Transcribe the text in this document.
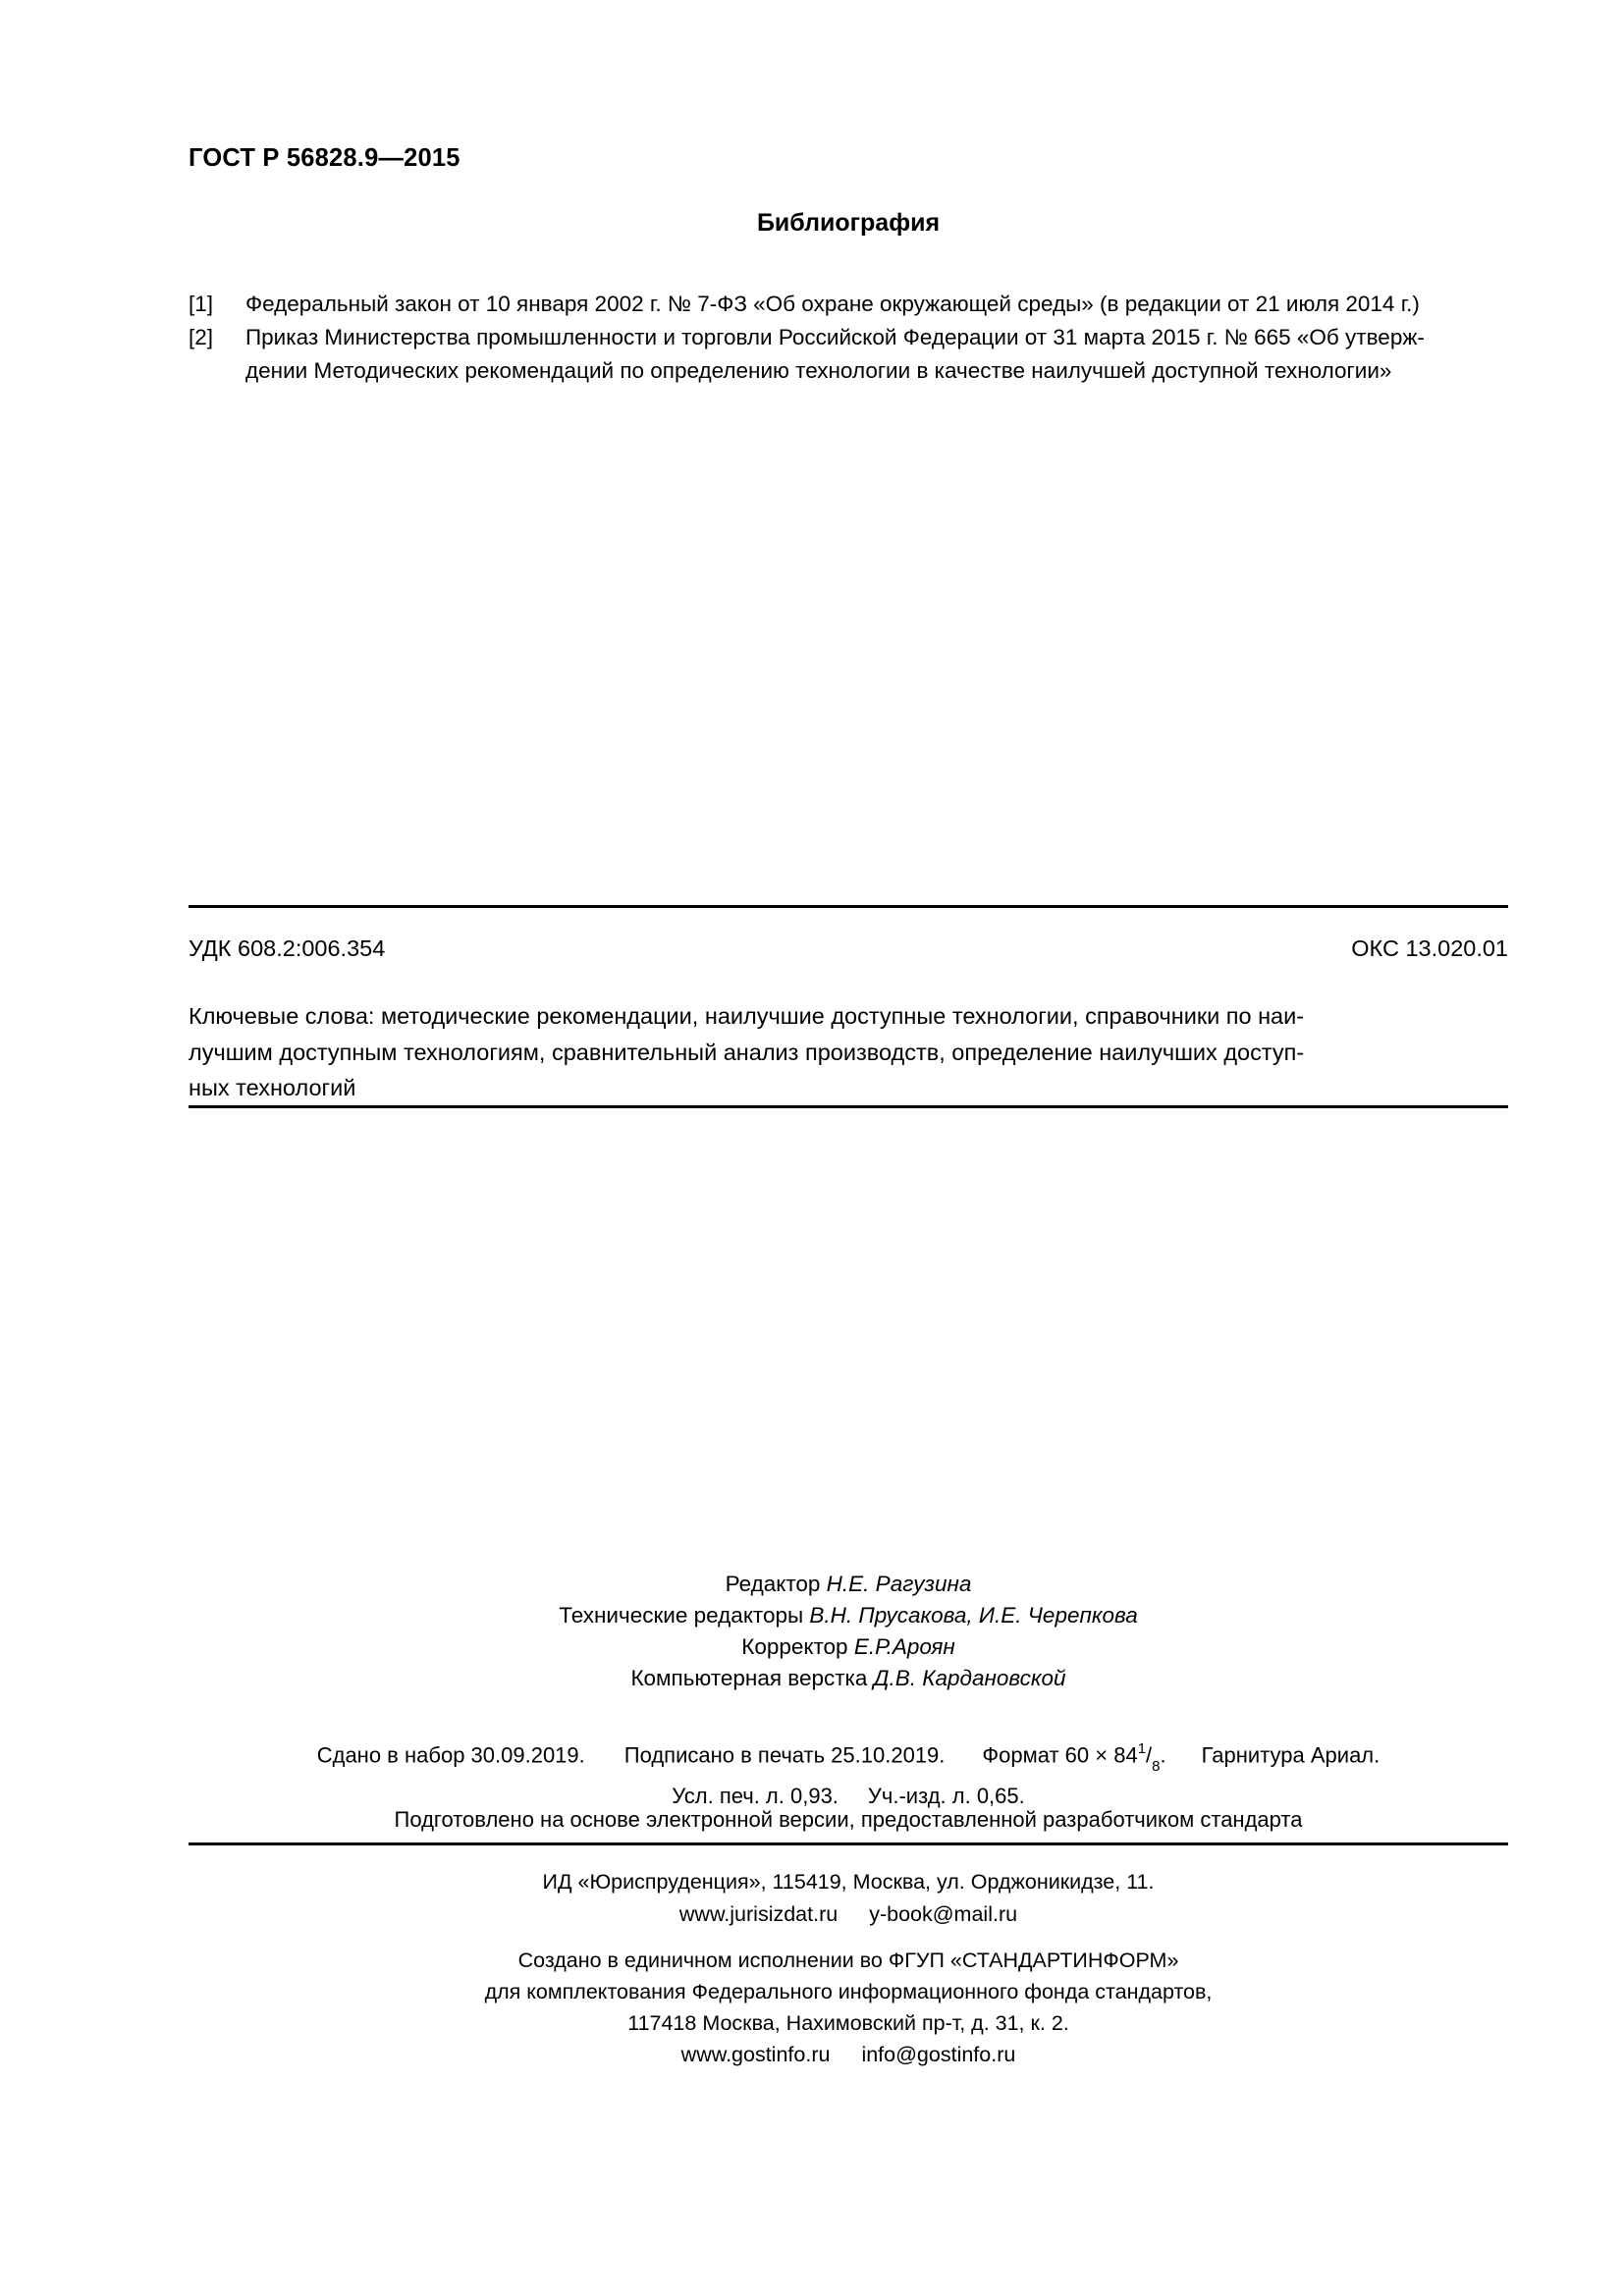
ГОСТ Р 56828.9—2015
Библиография
[1]	Федеральный закон от 10 января 2002 г. № 7-ФЗ «Об охране окружающей среды» (в редакции от 21 июля 2014 г.)
[2]	Приказ Министерства промышленности и торговли Российской Федерации от 31 марта 2015 г. № 665 «Об утверж-
дении Методических рекомендаций по определению технологии в качестве наилучшей доступной технологии»
УДК 608.2:006.354	ОКС 13.020.01
Ключевые слова: методические рекомендации, наилучшие доступные технологии, справочники по наи-
лучшим доступным технологиям, сравнительный анализ производств, определение наилучших доступ-
ных технологий
Редактор Н.Е. Рагузина
Технические редакторы В.Н. Прусакова, И.Е. Черепкова
Корректор Е.Р.Ароян
Компьютерная верстка Д.В. Кардановской
Сдано в набор 30.09.2019. Подписано в печать 25.10.2019. Формат $60 \times 84^1/_8$. Гарнитура Ариал.
Усл. печ. л. 0,93. Уч.-изд. л. 0,65.
Подготовлено на основе электронной версии, предоставленной разработчиком стандарта
ИД «Юриспруденция», 115419, Москва, ул. Орджоникидзе, 11.
www.jurisizdat.ru y-book@mail.ru
Создано в единичном исполнении во ФГУП «СТАНДАРТИНФОРМ»
для комплектования Федерального информационного фонда стандартов,
117418 Москва, Нахимовский пр-т, д. 31, к. 2.
www.gostinfo.ru info@gostinfo.ru
